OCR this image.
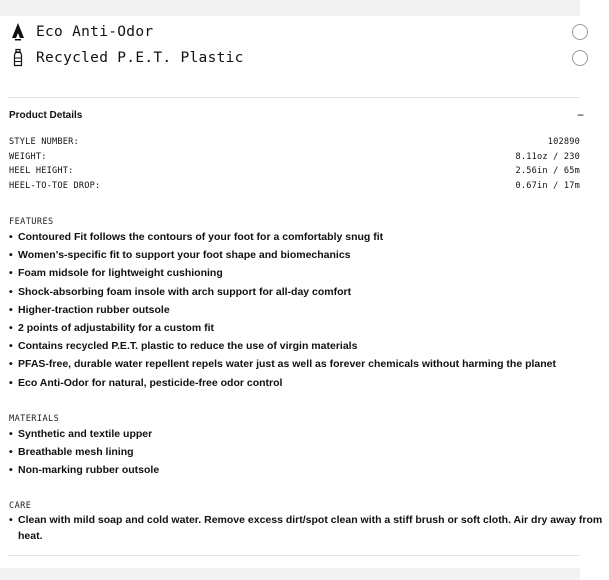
Eco Anti-Odor
Recycled P.E.T. Plastic
Product Details	−
STYLE NUMBER:	102890
WEIGHT:	8.11oz / 230
HEEL HEIGHT:	2.56in / 65m
HEEL-TO-TOE DROP:	0.67in / 17m
FEATURES
• Contoured Fit follows the contours of your foot for a comfortably snug fit
• Women's-specific fit to support your foot shape and biomechanics
• Foam midsole for lightweight cushioning
• Shock-absorbing foam insole with arch support for all-day comfort
• Higher-traction rubber outsole
• 2 points of adjustability for a custom fit
• Contains recycled P.E.T. plastic to reduce the use of virgin materials
• PFAS-free, durable water repellent repels water just as well as forever chemicals without harming the planet
• Eco Anti-Odor for natural, pesticide-free odor control
MATERIALS
• Synthetic and textile upper
• Breathable mesh lining
• Non-marking rubber outsole
CARE
• Clean with mild soap and cold water. Remove excess dirt/spot clean with a stiff brush or soft cloth. Air dry away from heat.
